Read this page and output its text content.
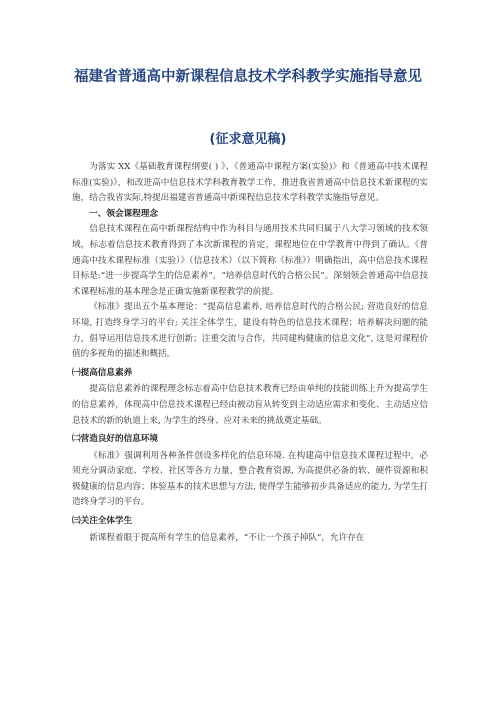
福建省普通高中新课程信息技术学科教学实施指导意见
(征求意见稿)

为落实 XX《基础教育课程纲要( ) 》、《普通高中课程方案(实验)》和《普通高中技术课程标准(实验)》，和改进高中信息技术学科教育教学工作，推进我省普通高中信息技术新课程的实施，结合我省实际,特提出福建省普通高中新课程信息技术学科教学实施指导意见。

一、领会课程理念

信息技术课程在高中新课程结构中作为科目与通用技术共同归属于八大学习领域的技术领域，标志着信息技术教育得到了本次新课程的肯定，课程地位在中学教育中得到了确认。《普通高中技术课程标准（实验）》（信息技术）（以下简称《标准》）明确指出，高中信息技术课程目标是:“进一步提高学生的信息素养”，“培养信息时代的合格公民”。深刻领会普通高中信息技术课程标准的基本理念是正确实施新课程教学的前提。

《标准》提出五个基本理论：“提高信息素养, 培养信息时代的合格公民; 营造良好的信息环境, 打造终身学习的平台; 关注全体学生，建设有特色的信息技术课程；培养解决问题的能力，倡导运用信息技术进行创新；注重交流与合作，共同建构健康的信息文化”, 这是对课程价值的多视角的描述和概括。

㈠提高信息素养

提高信息素养的课程理念标志着高中信息技术教育已经由单纯的技能训练上升为提高学生的信息素养，体现高中信息技术课程已经由被动盲从转变到主动适应需求和变化、主动适应信息技术的新的轨道上来, 为学生的终身、应对未来的挑战奠定基础。

㈡营造良好的信息环境

《标准》强调利用各种条件创设多样化的信息环境. 在构建高中信息技术课程过程中，必须充分调动家庭、学校、社区等各方力量，整合教育资源, 为高提供必备的软、硬件资源和积极健康的信息内容；体验基本的技术思想与方法, 使得学生能够初步具备适应的能力, 为学生打造终身学习的平台。

㈢关注全体学生

新课程着眼于提高所有学生的信息素养，“不让一个孩子掉队”，允许存在
